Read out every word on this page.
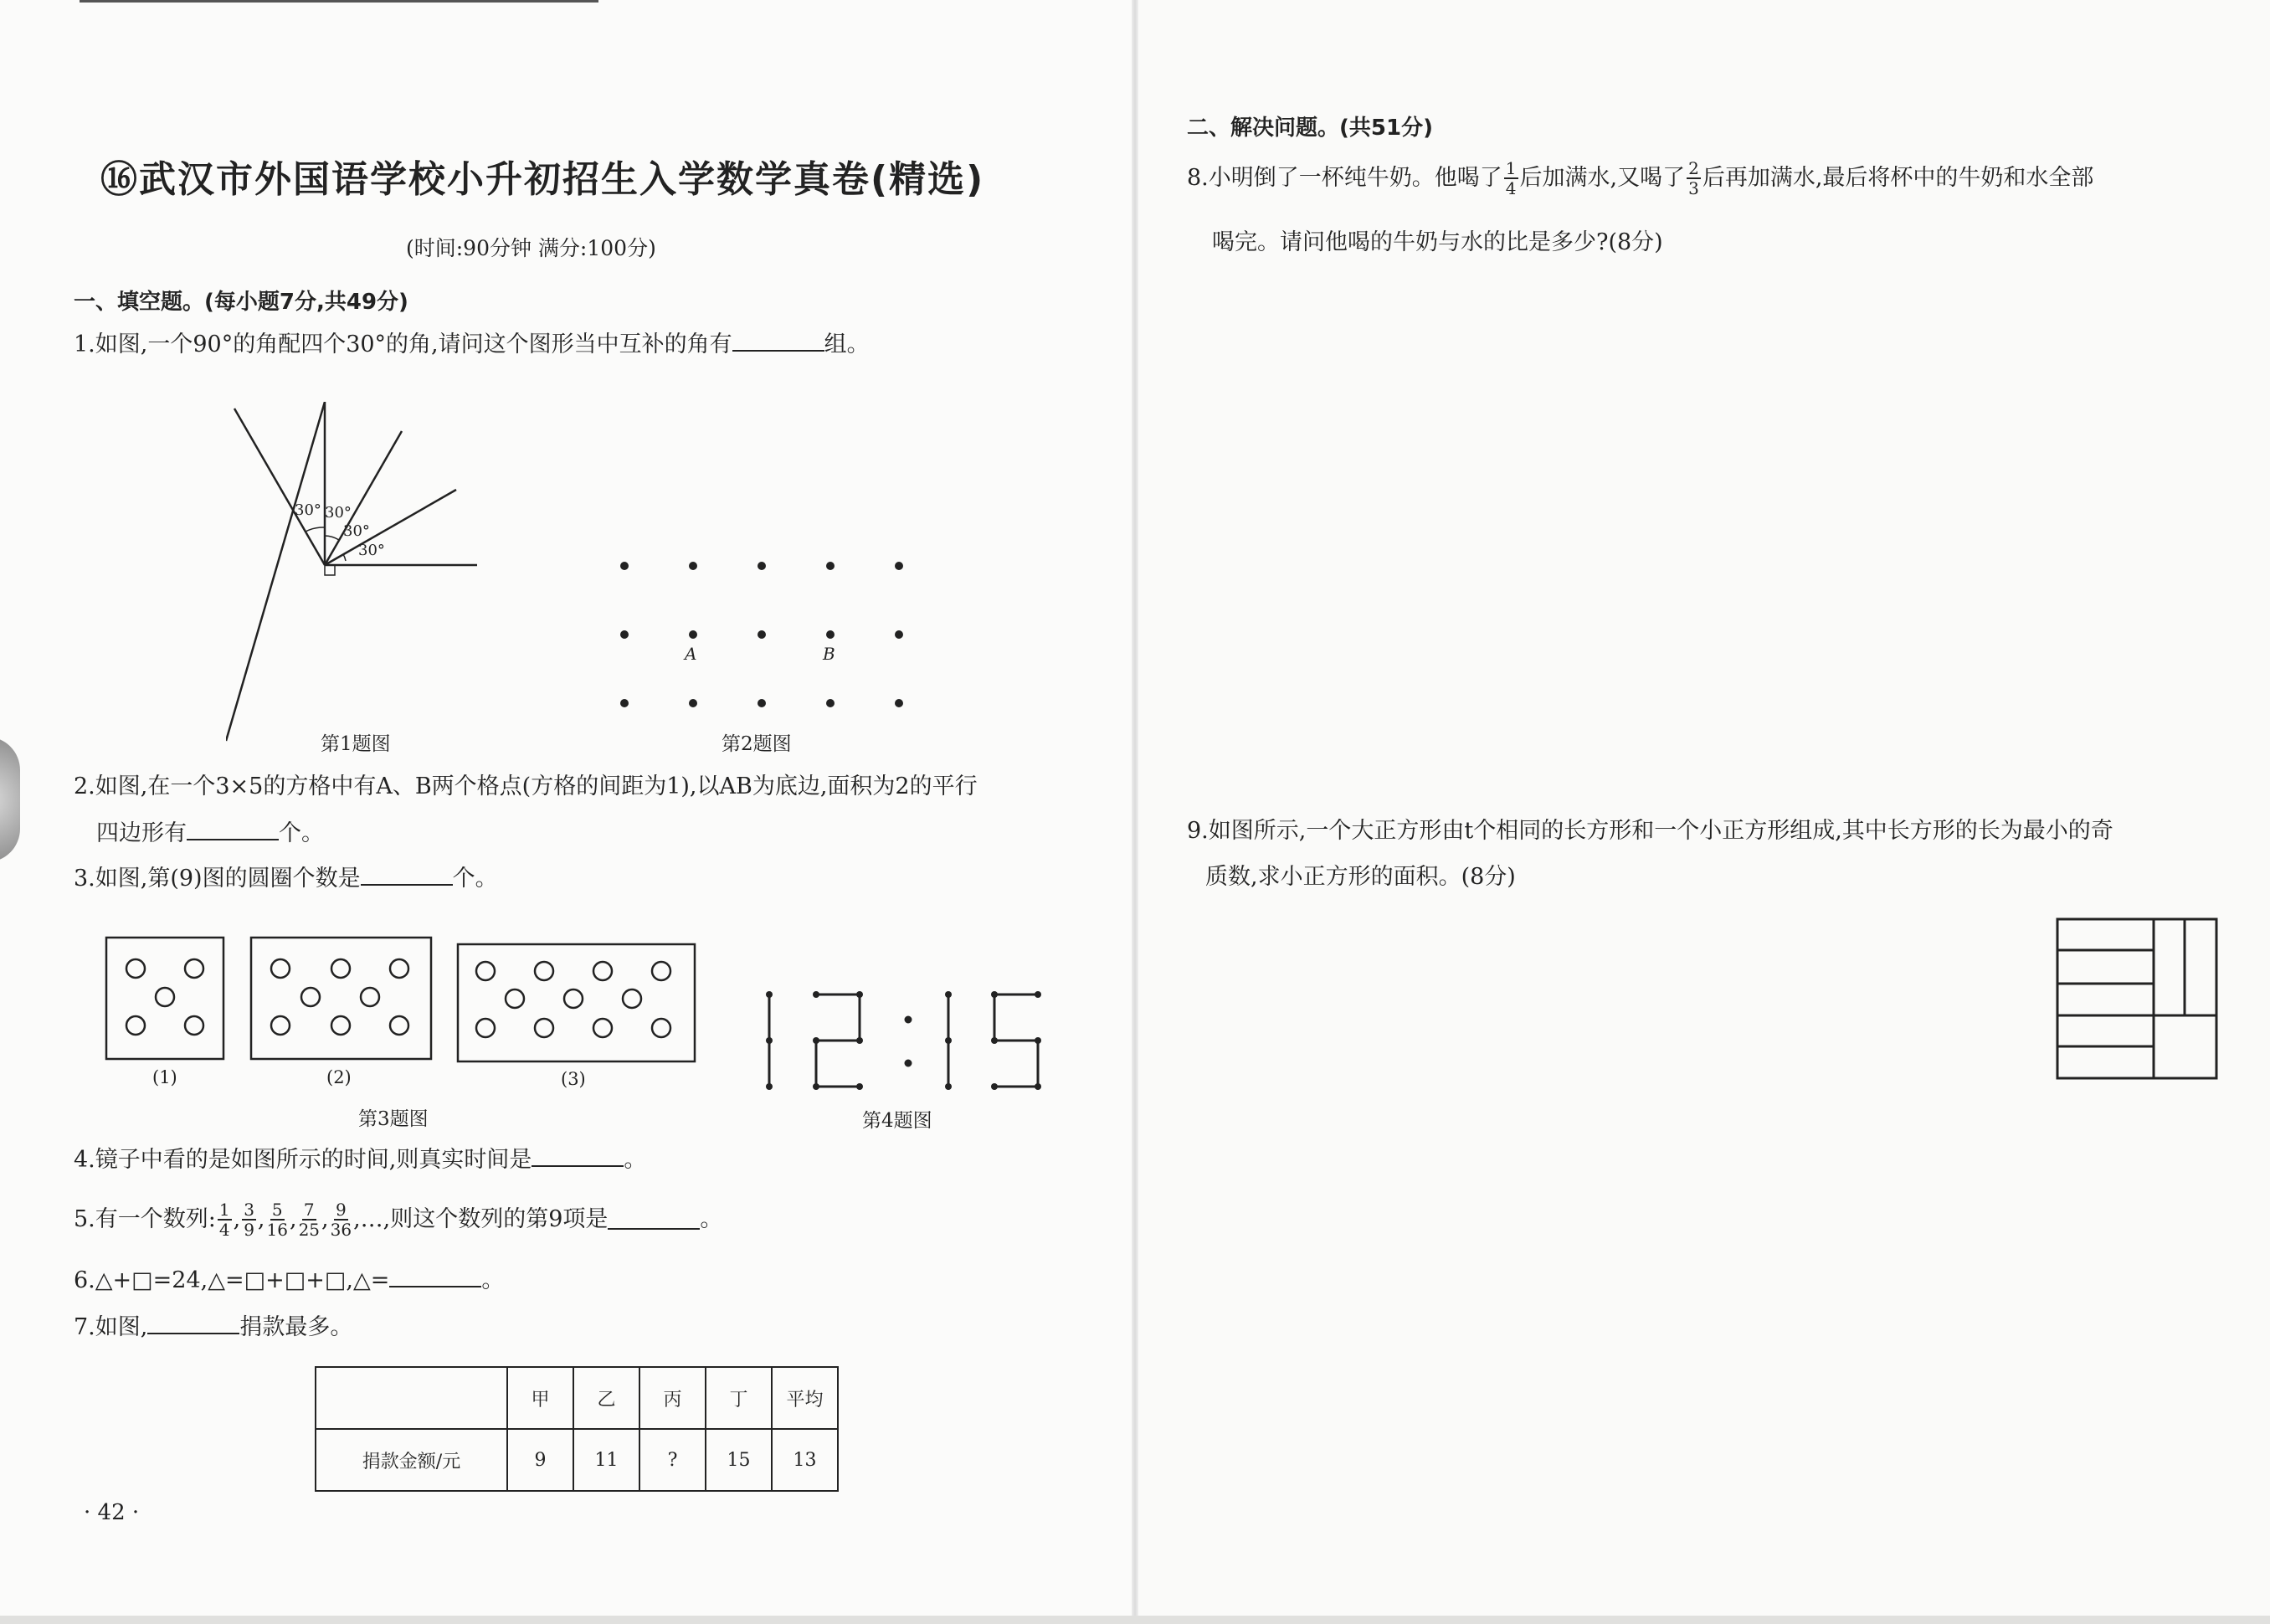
⑯武汉市外国语学校小升初招生入学数学真卷(精选)
(时间:90分钟 满分:100分)
一、填空题。(每小题7分,共49分)
1.如图,一个90°的角配四个30°的角,请问这个图形当中互补的角有	组。
30° 30°
30°
30°
第1题图
A	B
第2题图
2.如图,在一个3×5的方格中有A、B两个格点(方格的间距为1),以AB为底边,面积为2的平行
四边形有	个。
3.如图,第(9)图的圆圈个数是	个。
(1)	(2)	(3)
第3题图	第4题图
4.镜子中看的是如图所示的时间,则真实时间是	。
5.有一个数列: $\frac{1}{4}$ , $\frac{3}{9}$ , $\frac{5}{16}$ , $\frac{7}{25}$ , $\frac{9}{36}$ ,…,则这个数列的第9项是	。
6.△+□=24,△=□+□+□,△=	。
7.如图,	捐款最多。
	甲	乙	丙	丁	平均
捐款金额/元	9	11	?	15	13
· 42 ·
二、解决问题。(共51分)
8.小明倒了一杯纯牛奶。他喝了 $\frac{1}{4}$ 后加满水,又喝了 $\frac{2}{3}$ 后再加满水,最后将杯中的牛奶和水全部
喝完。请问他喝的牛奶与水的比是多少?(8分)
9.如图所示,一个大正方形由t个相同的长方形和一个小正方形组成,其中长方形的长为最小的奇
质数,求小正方形的面积。(8分)
